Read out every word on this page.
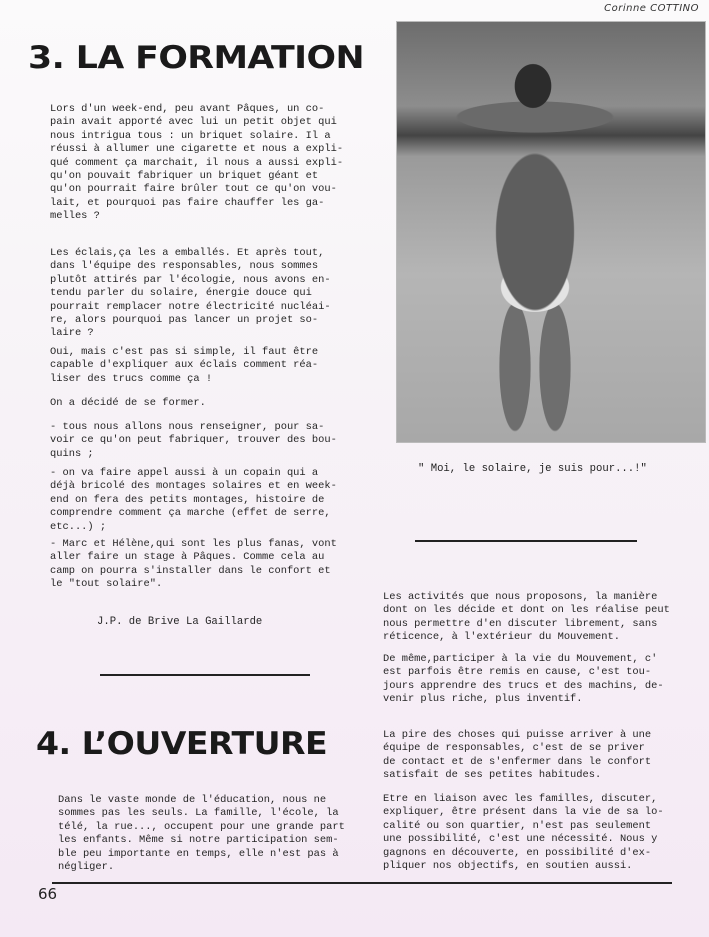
Corinne COTTINO
3. LA FORMATION
Lors d'un week-end, peu avant Pâques, un co-
pain avait apporté avec lui un petit objet qui
nous intrigua tous : un briquet solaire. Il a
réussi à allumer une cigarette et nous a expli-
qué comment ça marchait, il nous a aussi expli-
qu'on pouvait fabriquer un briquet géant et
qu'on pourrait faire brûler tout ce qu'on vou-
lait, et pourquoi pas faire chauffer les ga-
melles ?
Les éclais,ça les a emballés. Et après tout,
dans l'équipe des responsables, nous sommes
plutôt attirés par l'écologie, nous avons en-
tendu parler du solaire, énergie douce qui
pourrait remplacer notre électricité nucléai-
re, alors pourquoi pas lancer un projet so-
laire ?
Oui, mais c'est pas si simple, il faut être
capable d'expliquer aux éclais comment réa-
liser des trucs comme ça !
On a décidé de se former.
- tous nous allons nous renseigner, pour sa-
voir ce qu'on peut fabriquer, trouver des bou-
quins ;
- on va faire appel aussi à un copain qui a
déjà bricolé des montages solaires et en week-
end on fera des petits montages, histoire de
comprendre comment ça marche (effet de serre,
etc...) ;
- Marc et Hélène,qui sont les plus fanas, vont
aller faire un stage à Pâques. Comme cela au
camp on pourra s'installer dans le confort et
le "tout solaire".
J.P. de Brive La Gaillarde
" Moi, le solaire, je suis pour...!"
Les activités que nous proposons, la manière
dont on les décide et dont on les réalise peut
nous permettre d'en discuter librement, sans
réticence, à l'extérieur du Mouvement.
De même,participer à la vie du Mouvement, c'
est parfois être remis en cause, c'est tou-
jours apprendre des trucs et des machins, de-
venir plus riche, plus inventif.
La pire des choses qui puisse arriver à une
équipe de responsables, c'est de se priver
de contact et de s'enfermer dans le confort
satisfait de ses petites habitudes.
Etre en liaison avec les familles, discuter,
expliquer, être présent dans la vie de sa lo-
calité ou son quartier, n'est pas seulement
une possibilité, c'est une nécessité. Nous y
gagnons en découverte, en possibilité d'ex-
pliquer nos objectifs, en soutien aussi.
4. L’OUVERTURE
Dans le vaste monde de l'éducation, nous ne
sommes pas les seuls. La famille, l'école, la
télé, la rue..., occupent pour une grande part
les enfants. Même si notre participation sem-
ble peu importante en temps, elle n'est pas à
négliger.
66
